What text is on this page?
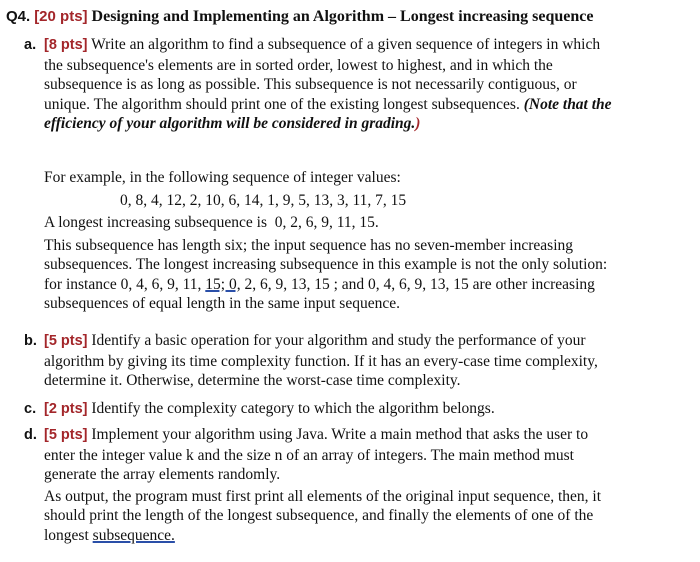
Q4. [20 pts] Designing and Implementing an Algorithm – Longest increasing sequence
a. [8 pts] Write an algorithm to find a subsequence of a given sequence of integers in which
the subsequence's elements are in sorted order, lowest to highest, and in which the
subsequence is as long as possible. This subsequence is not necessarily contiguous, or
unique. The algorithm should print one of the existing longest subsequences. (Note that the
efficiency of your algorithm will be considered in grading.)
For example, in the following sequence of integer values:
0, 8, 4, 12, 2, 10, 6, 14, 1, 9, 5, 13, 3, 11, 7, 15
A longest increasing subsequence is 0, 2, 6, 9, 11, 15.
This subsequence has length six; the input sequence has no seven-member increasing
subsequences. The longest increasing subsequence in this example is not the only solution:
for instance 0, 4, 6, 9, 11, 15; 0, 2, 6, 9, 13, 15 ; and 0, 4, 6, 9, 13, 15 are other increasing
subsequences of equal length in the same input sequence.
b. [5 pts] Identify a basic operation for your algorithm and study the performance of your
algorithm by giving its time complexity function. If it has an every-case time complexity,
determine it. Otherwise, determine the worst-case time complexity.
c. [2 pts] Identify the complexity category to which the algorithm belongs.
d. [5 pts] Implement your algorithm using Java. Write a main method that asks the user to
enter the integer value k and the size n of an array of integers. The main method must
generate the array elements randomly.
As output, the program must first print all elements of the original input sequence, then, it
should print the length of the longest subsequence, and finally the elements of one of the
longest subsequence.
